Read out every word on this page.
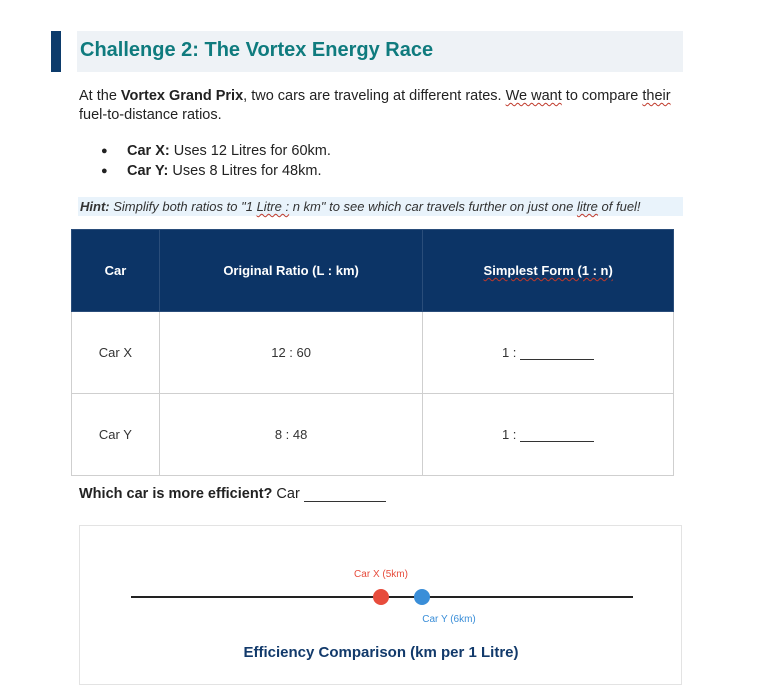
Challenge 2: The Vortex Energy Race
At the Vortex Grand Prix, two cars are traveling at different rates. We want to compare their fuel-to-distance ratios.
● Car X: Uses 12 Litres for 60km.
● Car Y: Uses 8 Litres for 48km.
Hint: Simplify both ratios to "1 Litre : n km" to see which car travels further on just one litre of fuel!
Car	Original Ratio (L : km)	Simplest Form (1 : n)
Car X	12 : 60	1 :
Car Y	8 : 48	1 :
Which car is more efficient? Car
Car X (5km)
Car Y (6km)
Efficiency Comparison (km per 1 Litre)
